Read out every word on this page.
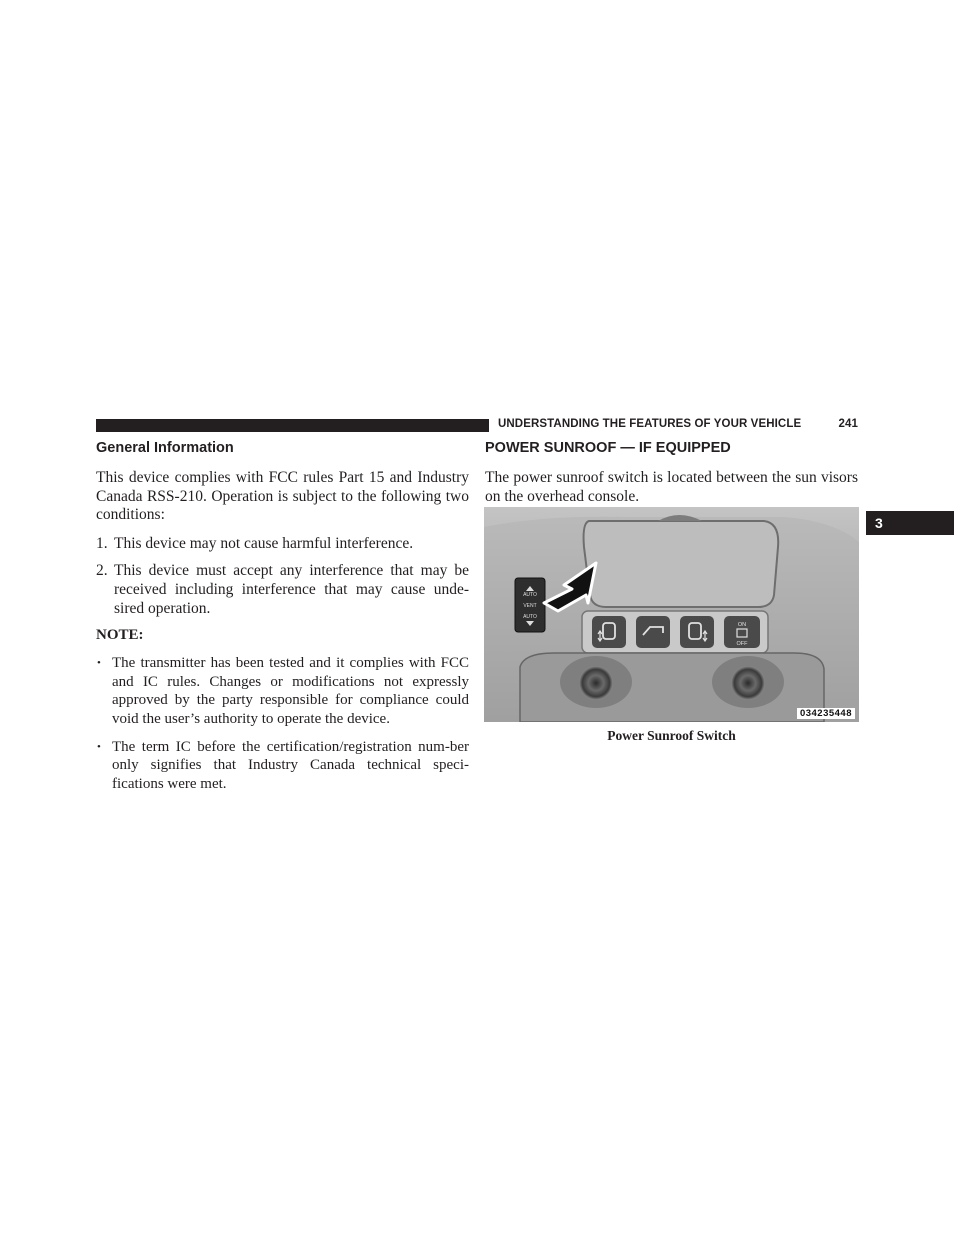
UNDERSTANDING THE FEATURES OF YOUR VEHICLE	241
3
General Information

This device complies with FCC rules Part 15 and Industry Canada RSS-210. Operation is subject to the following two conditions:

1. This device may not cause harmful interference.
2. This device must accept any interference that may be received including interference that may cause unde-sired operation.
NOTE:
• The transmitter has been tested and it complies with FCC and IC rules. Changes or modifications not expressly approved by the party responsible for compliance could void the user’s authority to operate the device.
• The term IC before the certification/registration num-ber only signifies that Industry Canada technical speci-fications were met.
POWER SUNROOF — IF EQUIPPED

The power sunroof switch is located between the sun visors on the overhead console.

ON
OFF
AUTO
VENT
AUTO
034235448
Power Sunroof Switch
